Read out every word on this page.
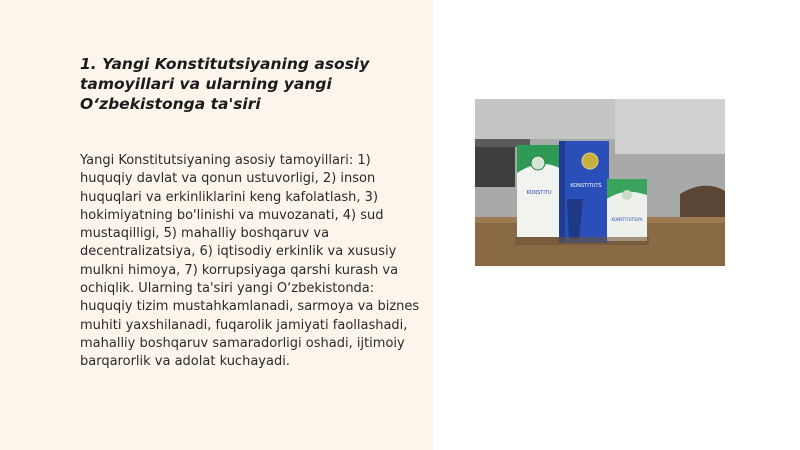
1. Yangi Konstitutsiyaning asosiy tamoyillari va ularning yangi O‘zbekistonga ta'siri

Yangi Konstitutsiyaning asosiy tamoyillari: 1) huquqiy davlat va qonun ustuvorligi, 2) inson huquqlari va erkinliklarini keng kafolatlash, 3) hokimiyatning bo'linishi va muvozanati, 4) sud mustaqilligi, 5) mahalliy boshqaruv va decentralizatsiya, 6) iqtisodiy erkinlik va xususiy mulkni himoya, 7) korrupsiyaga qarshi kurash va ochiqlik. Ularning ta'siri yangi O‘zbekistonda: huquqiy tizim mustahkamlanadi, sarmoya va biznes muhiti yaxshilanadi, fuqarolik jamiyati faollashadi, mahalliy boshqaruv samaradorligi oshadi, ijtimoiy barqarorlik va adolat kuchayadi.

KONSTITU
KONSTITUTS
KONSTITUTSIYA
